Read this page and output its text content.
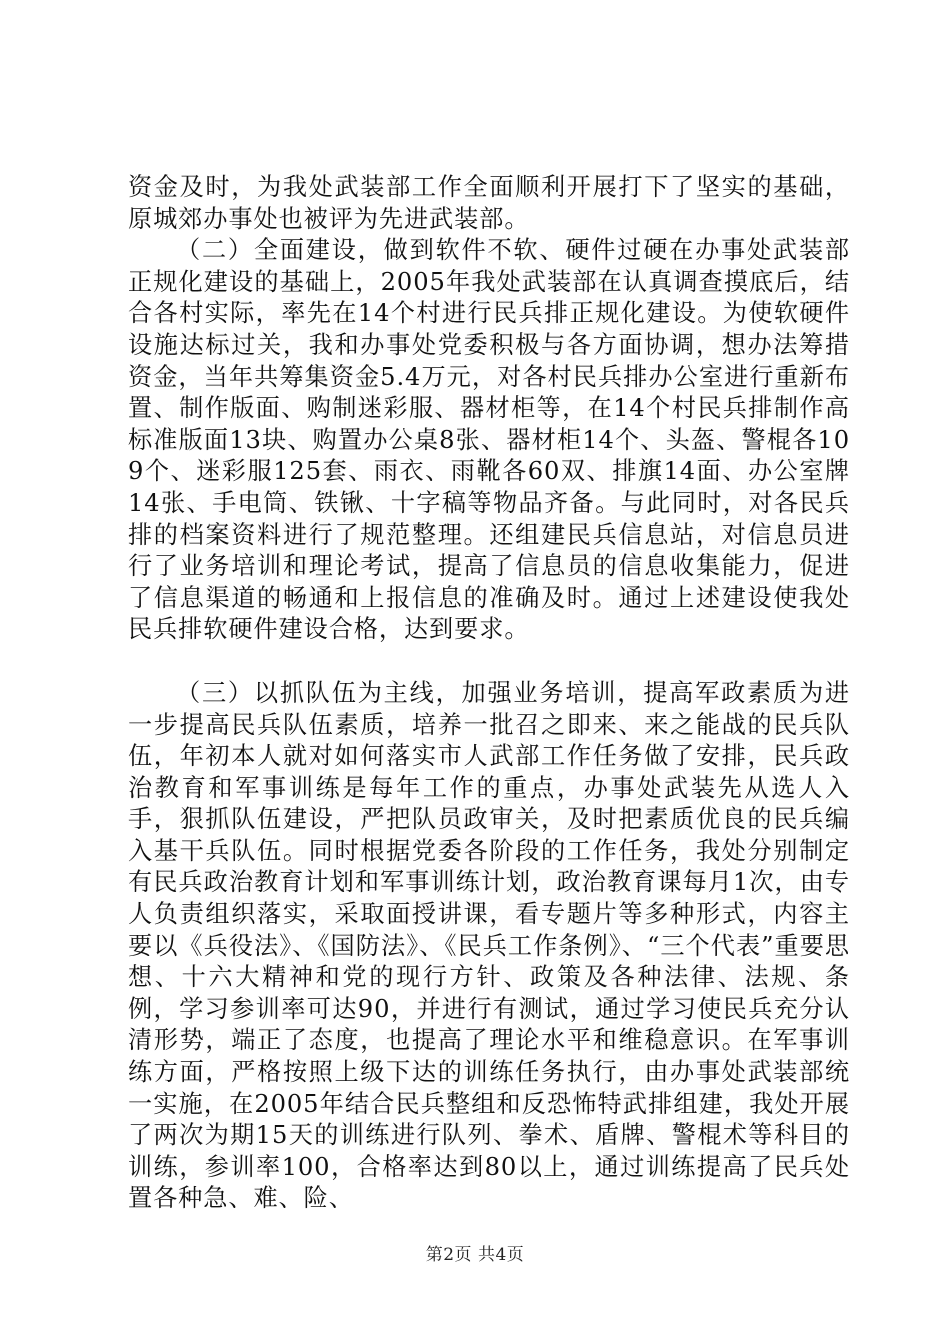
资金及时，为我处武装部工作全面顺利开展打下了坚实的基础，原城郊办事处也被评为先进武装部。

（二）全面建设，做到软件不软、硬件过硬在办事处武装部正规化建设的基础上，2005年我处武装部在认真调查摸底后，结合各村实际，率先在14个村进行民兵排正规化建设。为使软硬件设施达标过关，我和办事处党委积极与各方面协调，想办法筹措资金，当年共筹集资金5.4万元，对各村民兵排办公室进行重新布置、制作版面、购制迷彩服、器材柜等，在14个村民兵排制作高标准版面13块、购置办公桌8张、器材柜14个、头盔、警棍各109个、迷彩服125套、雨衣、雨靴各60双、排旗14面、办公室牌14张、手电筒、铁锹、十字稿等物品齐备。与此同时，对各民兵排的档案资料进行了规范整理。还组建民兵信息站，对信息员进行了业务培训和理论考试，提高了信息员的信息收集能力，促进了信息渠道的畅通和上报信息的准确及时。通过上述建设使我处民兵排软硬件建设合格，达到要求。

（三）以抓队伍为主线，加强业务培训，提高军政素质为进一步提高民兵队伍素质，培养一批召之即来、来之能战的民兵队伍，年初本人就对如何落实市人武部工作任务做了安排，民兵政治教育和军事训练是每年工作的重点，办事处武装先从选人入手，狠抓队伍建设，严把队员政审关，及时把素质优良的民兵编入基干兵队伍。同时根据党委各阶段的工作任务，我处分别制定有民兵政治教育计划和军事训练计划，政治教育课每月1次，由专人负责组织落实，采取面授讲课，看专题片等多种形式，内容主要以《兵役法》、《国防法》、《民兵工作条例》、“三个代表”重要思想、十六大精神和党的现行方针、政策及各种法律、法规、条例，学习参训率可达90，并进行有测试，通过学习使民兵充分认清形势，端正了态度，也提高了理论水平和维稳意识。在军事训练方面，严格按照上级下达的训练任务执行，由办事处武装部统一实施，在2005年结合民兵整组和反恐怖特武排组建，我处开展了两次为期15天的训练进行队列、拳术、盾牌、警棍术等科目的训练，参训率100，合格率达到80以上，通过训练提高了民兵处置各种急、难、险、

第2页 共4页
